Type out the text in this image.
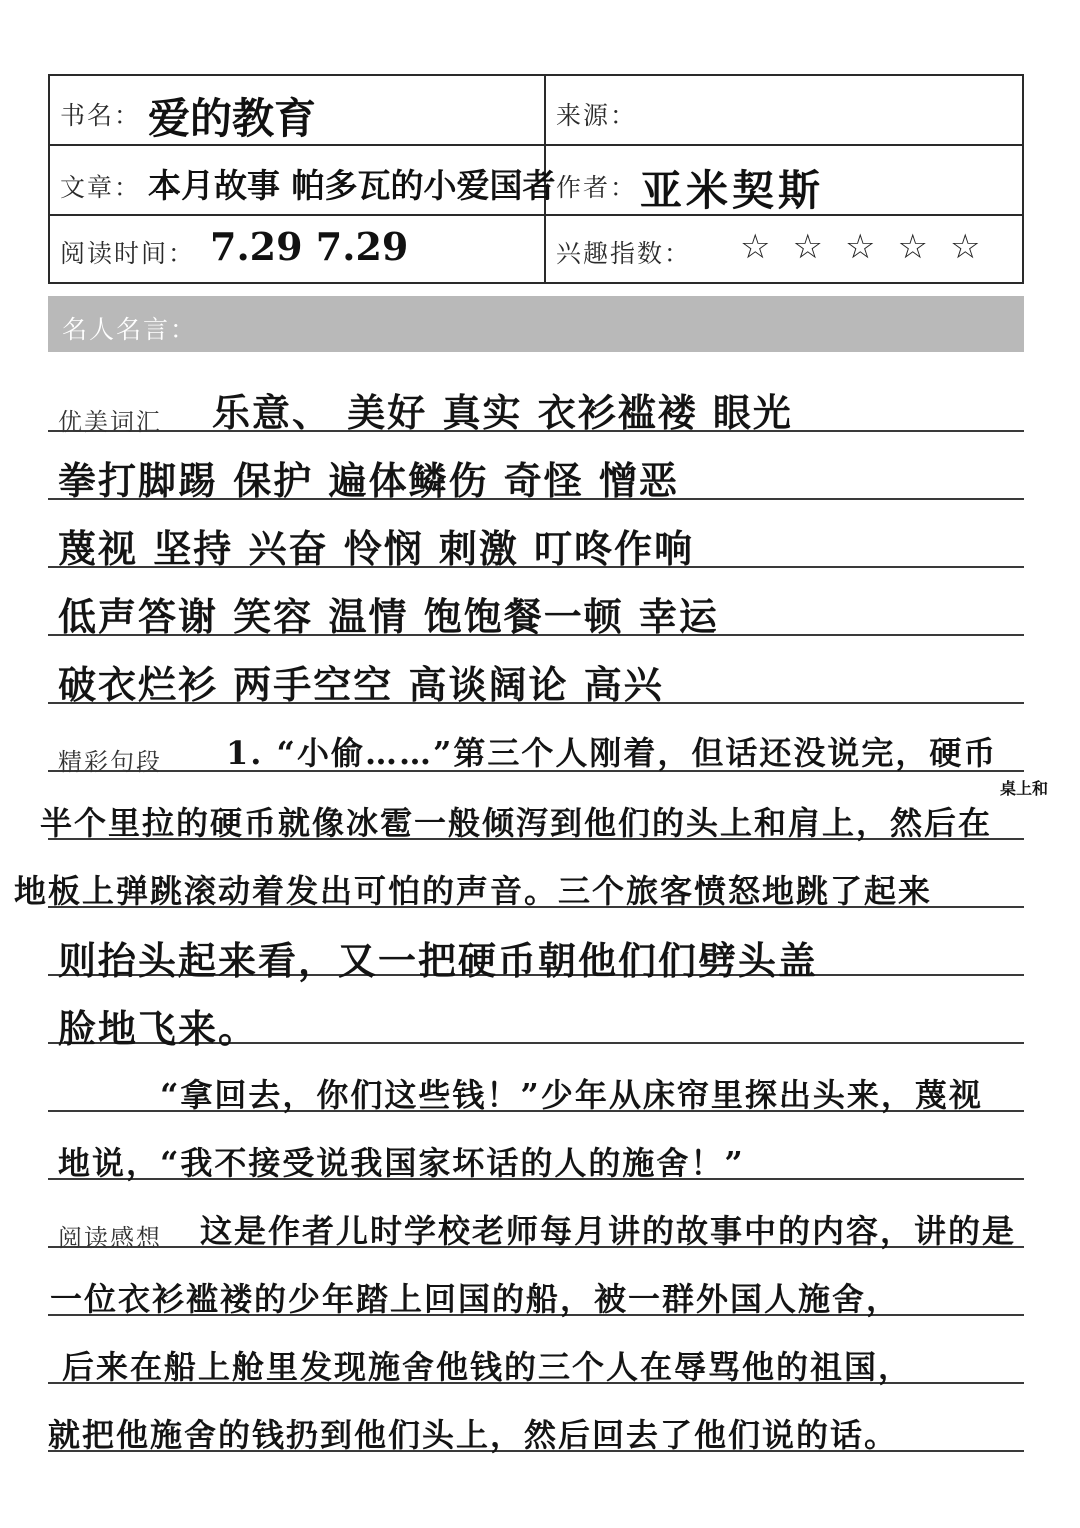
书名： 爱的教育	来源：
文章： 本月故事 帕多瓦的小爱国者 作者： 亚米契斯
阅读时间： 7.29 7.29	兴趣指数： ☆ ☆ ☆ ☆ ☆
名人名言：
优美词汇 乐意、 美好 真实 衣衫褴褛 眼光
拳打脚踢 保护 遍体鳞伤 奇怪 憎恶
蔑视 坚持 兴奋 怜悯 刺激 叮咚作响
低声答谢 笑容 温情 饱饱餐一顿 幸运
破衣烂衫 两手空空 高谈阔论 高兴
精彩句段 1. “小偷……”第三个人刚着，但话还没说完，硬币
桌上和
半个里拉的硬币就像冰雹一般倾泻到他们的头上和肩上，然后在
地板上弹跳滚动着发出可怕的声音。三个旅客愤怒地跳了起来
则抬头起来看，又一把硬币朝他们们劈头盖
脸地飞来。
“拿回去，你们这些钱！”少年从床帘里探出头来，蔑视
地说，“我不接受说我国家坏话的人的施舍！”
阅读感想 这是作者儿时学校老师每月讲的故事中的内容，讲的是
一位衣衫褴褛的少年踏上回国的船，被一群外国人施舍，
后来在船上舱里发现施舍他钱的三个人在辱骂他的祖国，
就把他施舍的钱扔到他们头上，然后回去了他们说的话。
